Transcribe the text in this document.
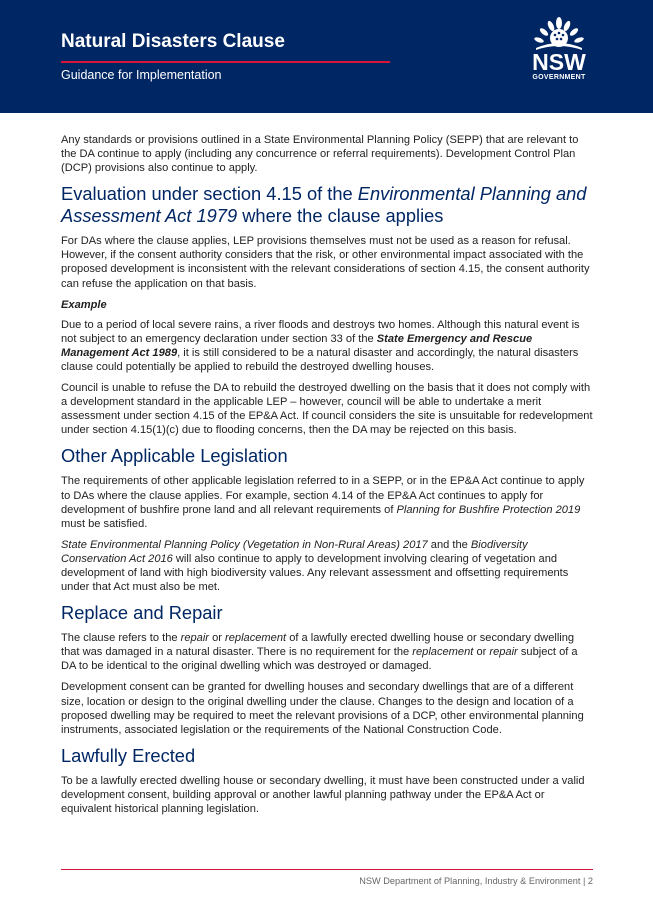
Natural Disasters Clause
Guidance for Implementation	NSW
GOVERNMENT

Any standards or provisions outlined in a State Environmental Planning Policy (SEPP) that are relevant to the DA continue to apply (including any concurrence or referral requirements). Development Control Plan (DCP) provisions also continue to apply.

Evaluation under section 4.15 of the Environmental Planning and Assessment Act 1979 where the clause applies

For DAs where the clause applies, LEP provisions themselves must not be used as a reason for refusal. However, if the consent authority considers that the risk, or other environmental impact associated with the proposed development is inconsistent with the relevant considerations of section 4.15, the consent authority can refuse the application on that basis.

Example

Due to a period of local severe rains, a river floods and destroys two homes. Although this natural event is not subject to an emergency declaration under section 33 of the State Emergency and Rescue Management Act 1989, it is still considered to be a natural disaster and accordingly, the natural disasters clause could potentially be applied to rebuild the destroyed dwelling houses.

Council is unable to refuse the DA to rebuild the destroyed dwelling on the basis that it does not comply with a development standard in the applicable LEP – however, council will be able to undertake a merit assessment under section 4.15 of the EP&A Act. If council considers the site is unsuitable for redevelopment under section 4.15(1)(c) due to flooding concerns, then the DA may be rejected on this basis.

Other Applicable Legislation

The requirements of other applicable legislation referred to in a SEPP, or in the EP&A Act continue to apply to DAs where the clause applies. For example, section 4.14 of the EP&A Act continues to apply for development of bushfire prone land and all relevant requirements of Planning for Bushfire Protection 2019 must be satisfied.

State Environmental Planning Policy (Vegetation in Non-Rural Areas) 2017 and the Biodiversity Conservation Act 2016 will also continue to apply to development involving clearing of vegetation and development of land with high biodiversity values. Any relevant assessment and offsetting requirements under that Act must also be met.

Replace and Repair

The clause refers to the repair or replacement of a lawfully erected dwelling house or secondary dwelling that was damaged in a natural disaster. There is no requirement for the replacement or repair subject of a DA to be identical to the original dwelling which was destroyed or damaged.

Development consent can be granted for dwelling houses and secondary dwellings that are of a different size, location or design to the original dwelling under the clause. Changes to the design and location of a proposed dwelling may be required to meet the relevant provisions of a DCP, other environmental planning instruments, associated legislation or the requirements of the National Construction Code.

Lawfully Erected

To be a lawfully erected dwelling house or secondary dwelling, it must have been constructed under a valid development consent, building approval or another lawful planning pathway under the EP&A Act or equivalent historical planning legislation.

NSW Department of Planning, Industry & Environment | 2
